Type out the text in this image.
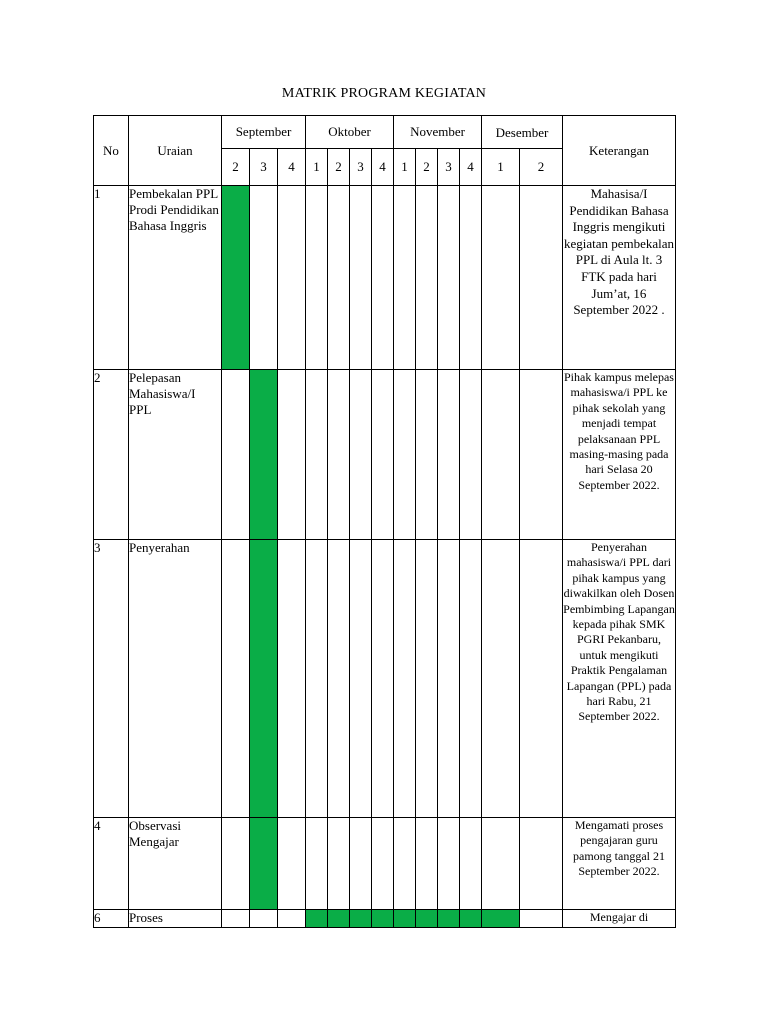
MATRIK PROGRAM KEGIATAN
No	Uraian	September			Oktober				November				Desember		Keterangan
		2	3	4	1	2	3	4	1	2	3	4	1	2	
1	Pembekalan PPL Prodi Pendidikan Bahasa Inggris														Mahasisa/I Pendidikan Bahasa Inggris mengikuti kegiatan pembekalan PPL di Aula lt. 3 FTK pada hari Jum’at, 16 September 2022 .
2	Pelepasan Mahasiswa/I PPL														Pihak kampus melepas mahasiswa/i PPL ke pihak sekolah yang menjadi tempat pelaksanaan PPL masing-masing pada hari Selasa 20 September 2022.
3	Penyerahan														Penyerahan mahasiswa/i PPL dari pihak kampus yang diwakilkan oleh Dosen Pembimbing Lapangan kepada pihak SMK PGRI Pekanbaru, untuk mengikuti Praktik Pengalaman Lapangan (PPL) pada hari Rabu, 21 September 2022.
4	Observasi Mengajar														Mengamati proses pengajaran guru pamong tanggal 21 September 2022.
6	Proses														Mengajar di
